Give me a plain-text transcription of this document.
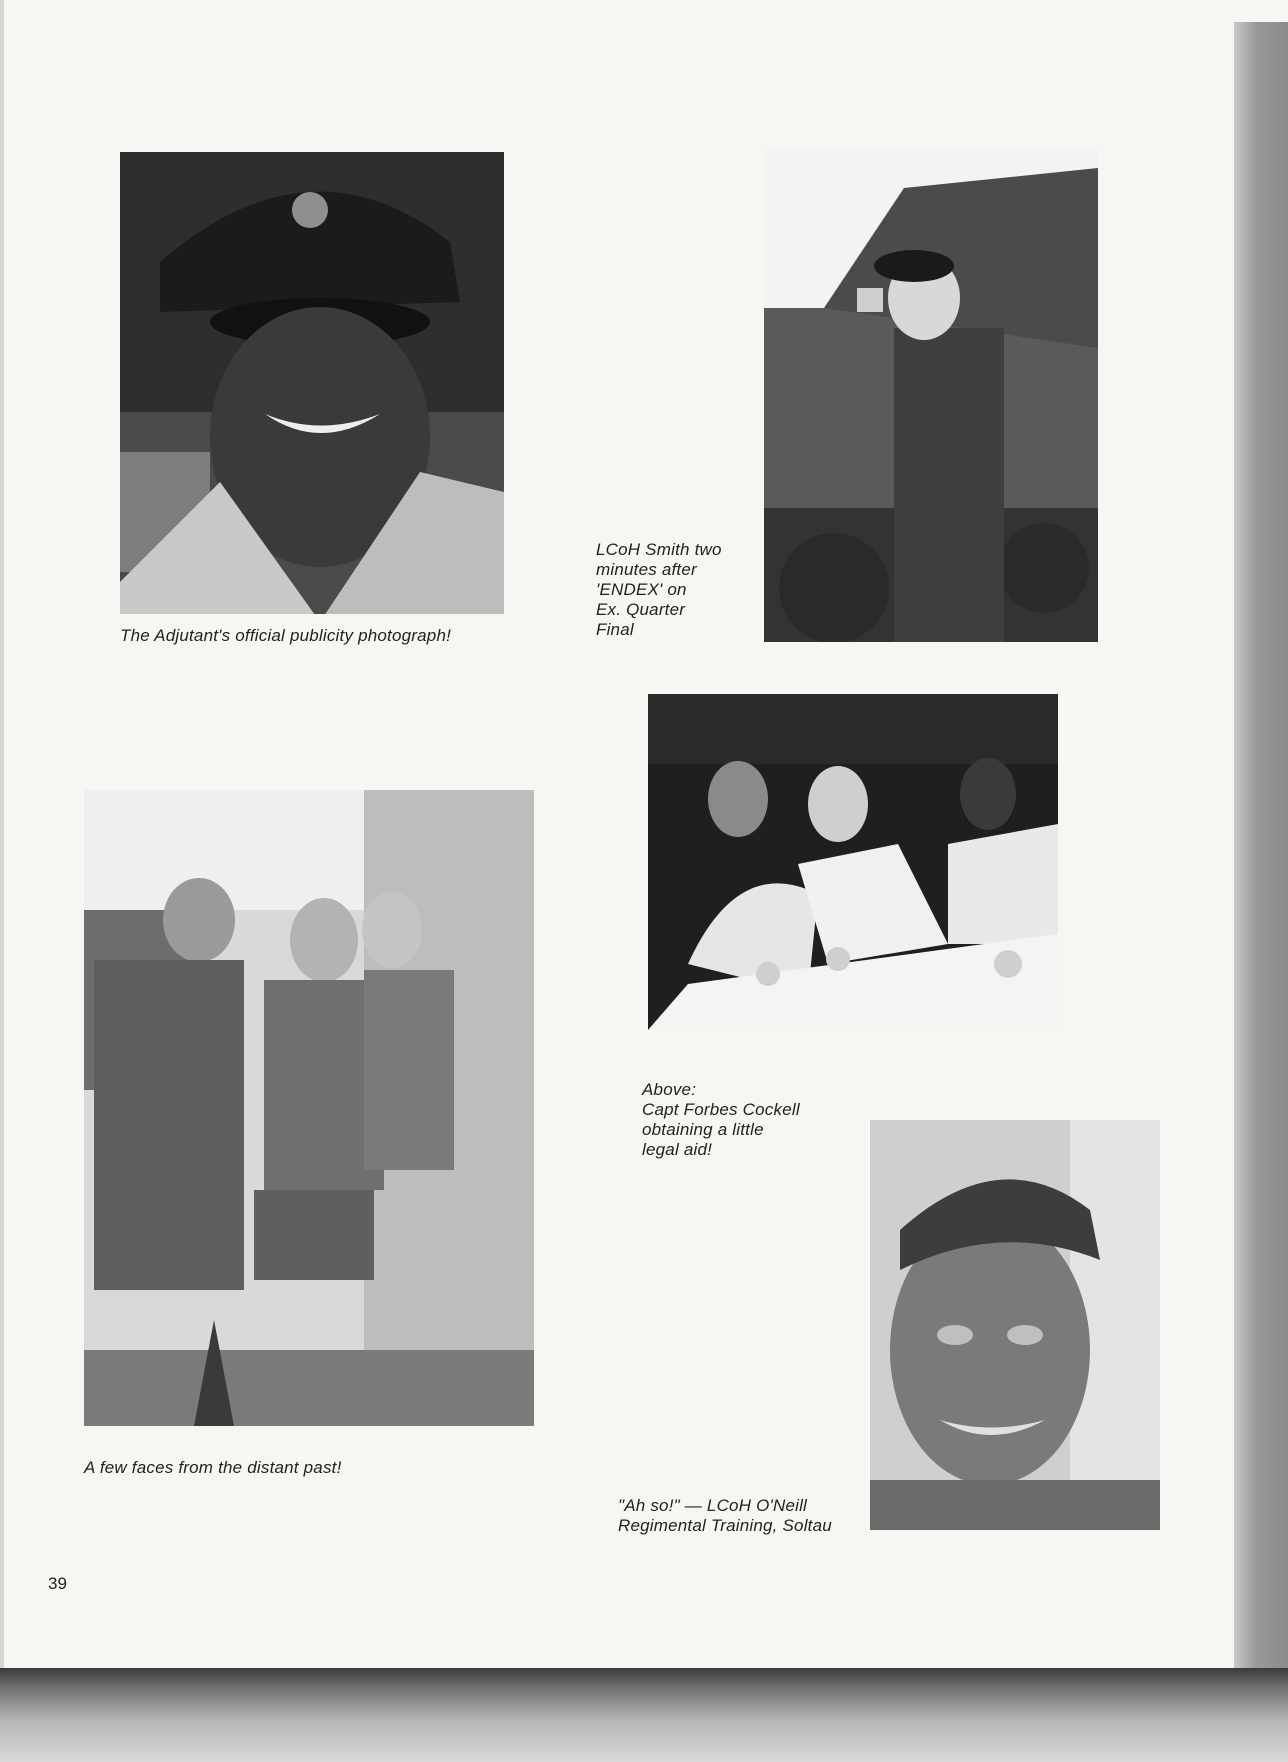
The Adjutant's official publicity photograph!

LCoH Smith two
minutes after
'ENDEX' on
Ex. Quarter
Final
Above:
Capt Forbes Cockell
obtaining a little
legal aid!

A few faces from the distant past!

"Ah so!" — LCoH O'Neill
Regimental Training, Soltau

39
